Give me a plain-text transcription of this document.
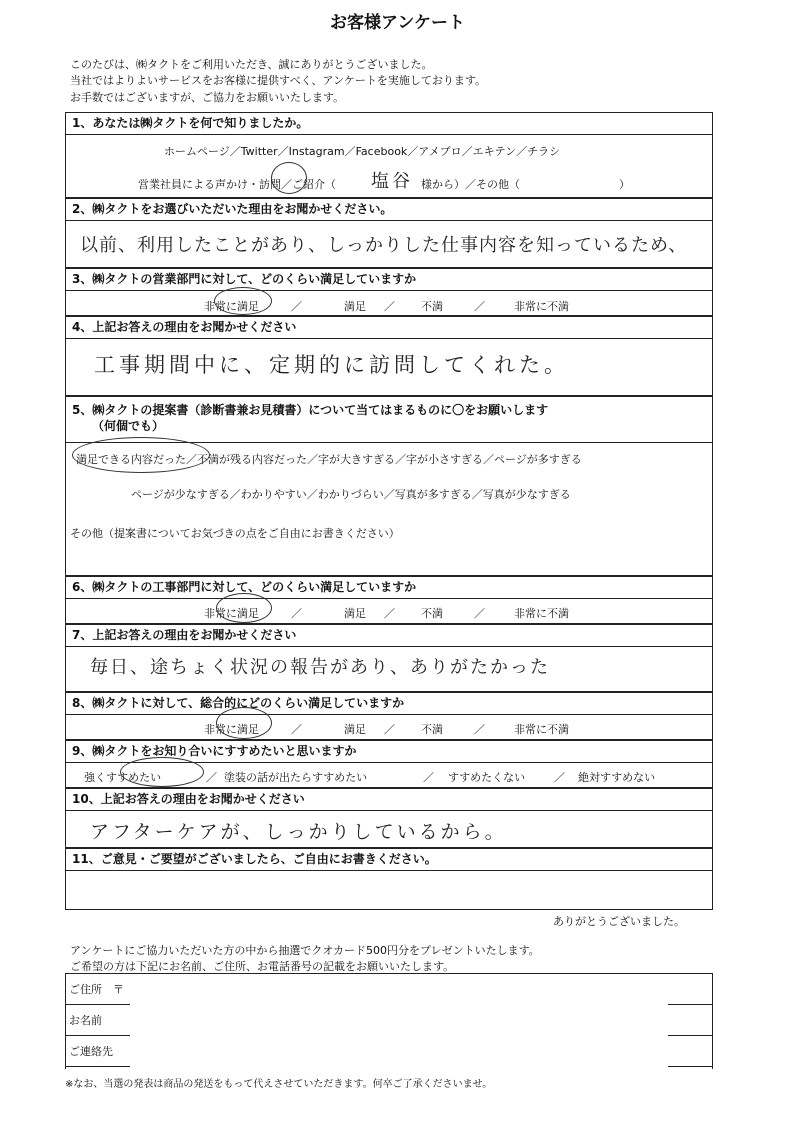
お客様アンケート
このたびは、㈱タクトをご利用いただき、誠にありがとうございました。
当社ではよりよいサービスをお客様に提供すべく、アンケートを実施しております。
お手数ではございますが、ご協力をお願いいたします。
1、あなたは㈱タクトを何で知りましたか。
ホームページ／Twitter／Instagram／Facebook／アメブロ／エキテン／チラシ
営業社員による声かけ・訪問／ご紹介（ 塩谷 様から）／その他（　　　　　　　　　）
2、㈱タクトをお選びいただいた理由をお聞かせください。
以前、利用したことがあり、しっかりした仕事内容を知っているため、
3、㈱タクトの営業部門に対して、どのくらい満足していますか
非常に満足	／	満足 ／ 不満	／	非常に不満
4、上記お答えの理由をお聞かせください
工事期間中に、定期的に訪問してくれた。
5、㈱タクトの提案書（診断書兼お見積書）について当てはまるものに〇をお願いします
（何個でも）
満足できる内容だった／不満が残る内容だった／字が大きすぎる／字が小さすぎる／ページが多すぎる
ページが少なすぎる／わかりやすい／わかりづらい／写真が多すぎる／写真が少なすぎる
その他（提案書についてお気づきの点をご自由にお書きください）
6、㈱タクトの工事部門に対して、どのくらい満足していますか
非常に満足	／	満足 ／ 不満	／	非常に不満
7、上記お答えの理由をお聞かせください
毎日、途ちょく状況の報告があり、ありがたかった
8、㈱タクトに対して、総合的にどのくらい満足していますか
非常に満足	／	満足 ／ 不満	／	非常に不満
9、㈱タクトをお知り合いにすすめたいと思いますか
強くすすめたい	／ 塗装の話が出たらすすめたい	／ すすめたくない	／ 絶対すすめない
10、上記お答えの理由をお聞かせください
アフターケアが、しっかりしているから。
11、ご意見・ご要望がございましたら、ご自由にお書きください。
ありがとうございました。
アンケートにご協力いただいた方の中から抽選でクオカード500円分をプレゼントいたします。
ご希望の方は下記にお名前、ご住所、お電話番号の記載をお願いいたします。
ご住所　〒
お名前
ご連絡先
※なお、当選の発表は商品の発送をもって代えさせていただきます。何卒ご了承くださいませ。
